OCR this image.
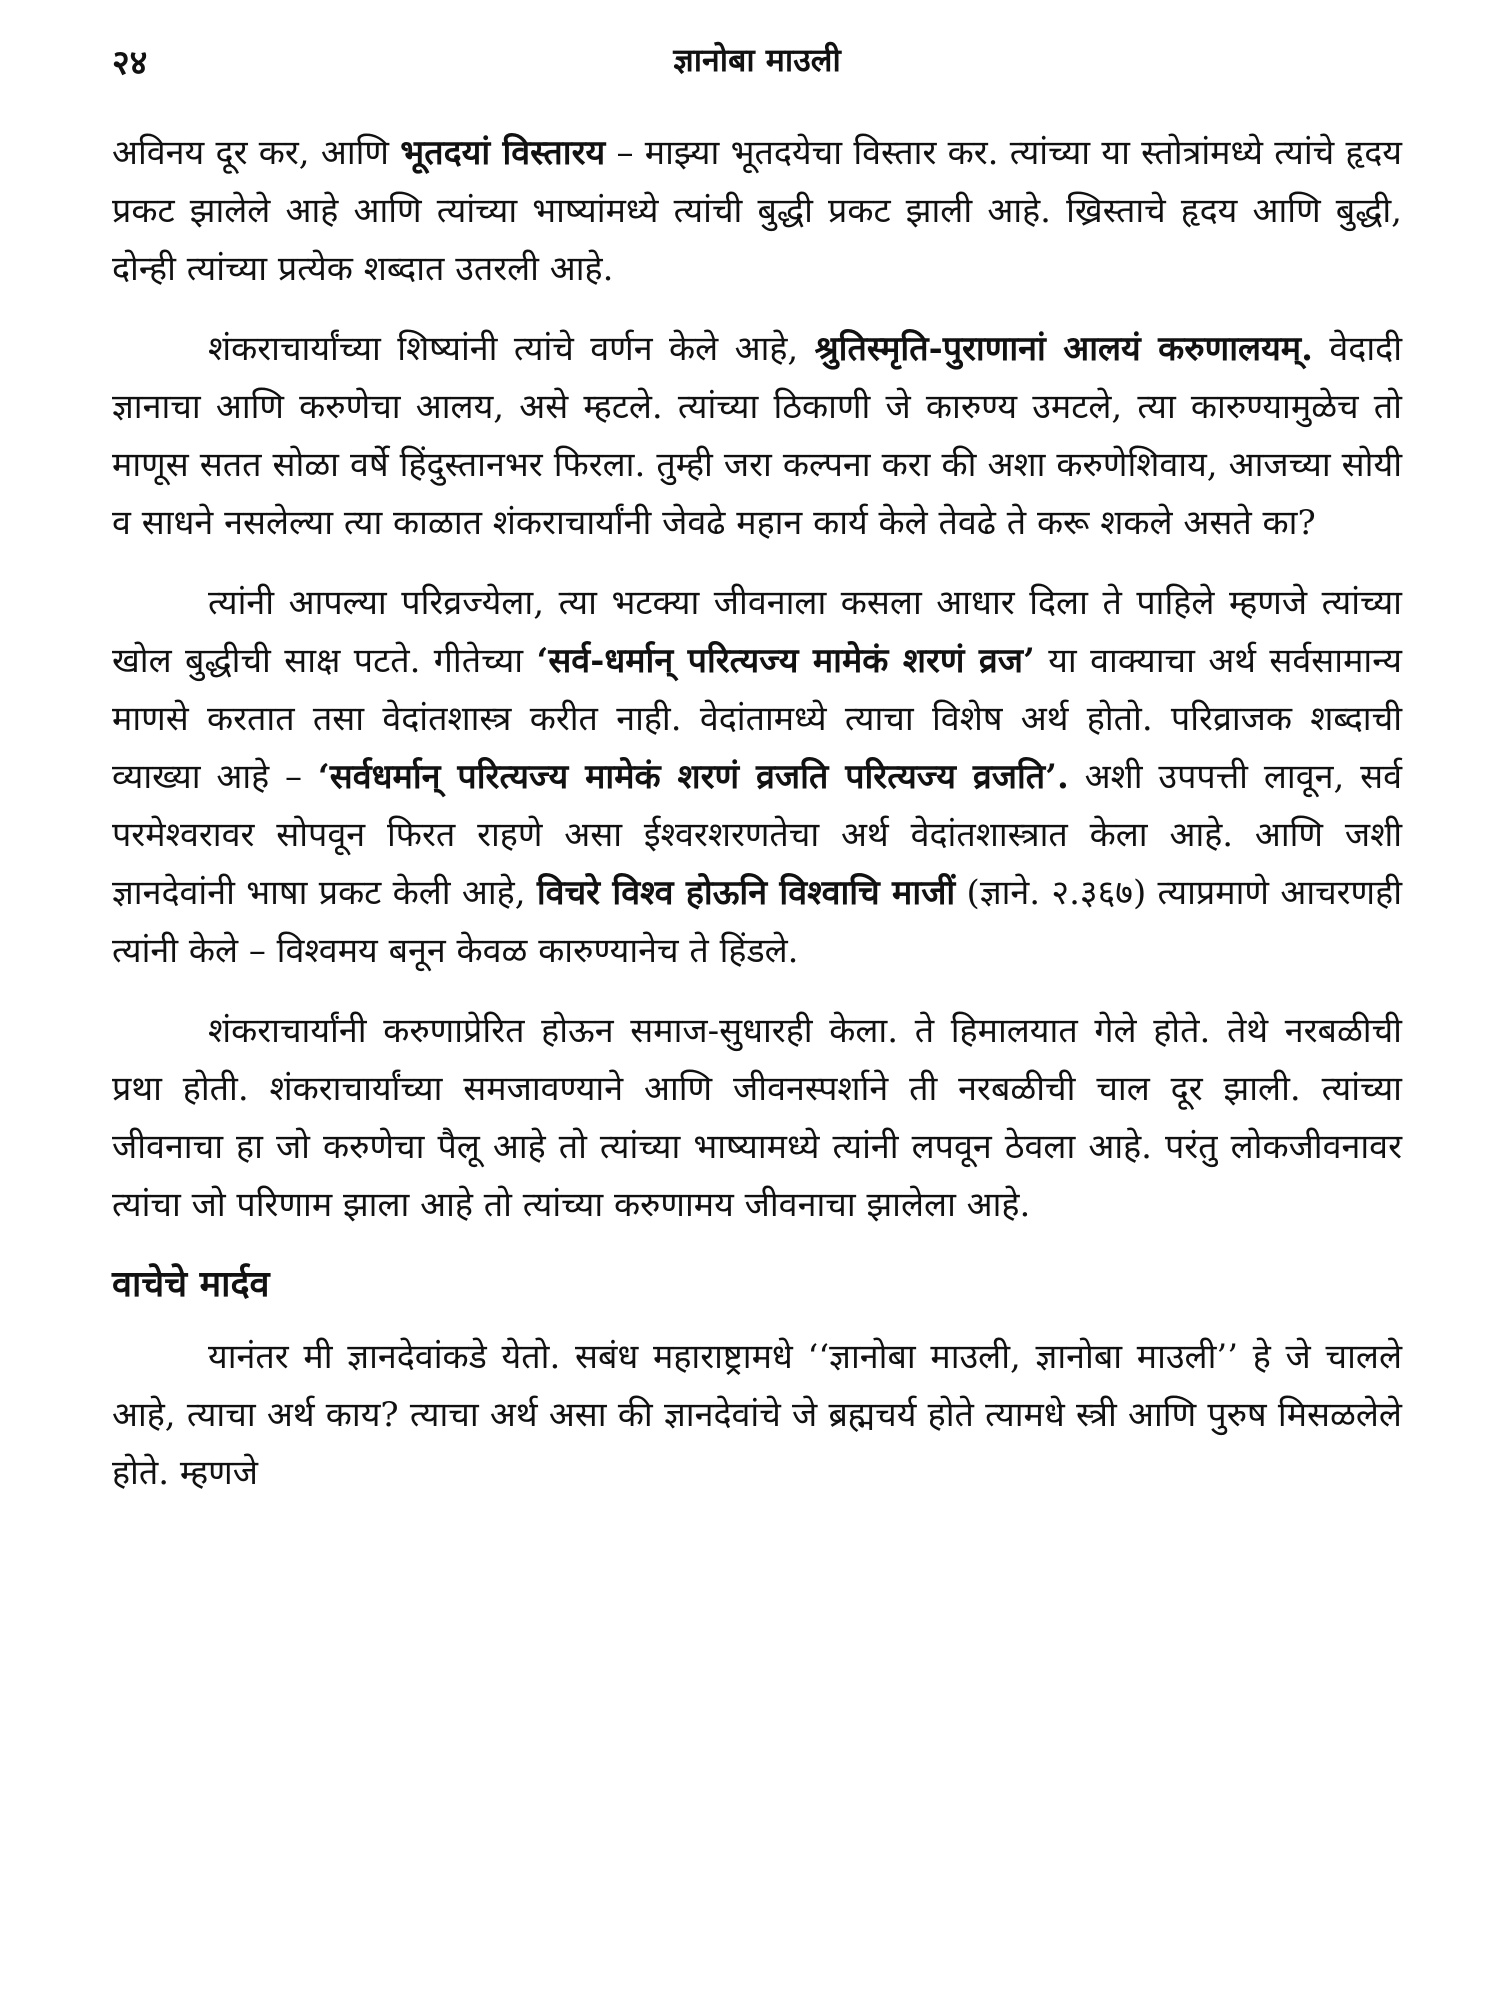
२४	ज्ञानोबा माउली

अविनय दूर कर, आणि भूतदयां विस्तारय – माझ्या भूतदयेचा विस्तार कर. त्यांच्या या स्तोत्रांमध्ये त्यांचे हृदय प्रकट झालेले आहे आणि त्यांच्या भाष्यांमध्ये त्यांची बुद्धी प्रकट झाली आहे. ख्रिस्ताचे हृदय आणि बुद्धी, दोन्ही त्यांच्या प्रत्येक शब्दात उतरली आहे.

शंकराचार्यांच्या शिष्यांनी त्यांचे वर्णन केले आहे, श्रुतिस्मृति-पुराणानां आलयं करुणालयम्. वेदादी ज्ञानाचा आणि करुणेचा आलय, असे म्हटले. त्यांच्या ठिकाणी जे कारुण्य उमटले, त्या कारुण्यामुळेच तो माणूस सतत सोळा वर्षे हिंदुस्तानभर फिरला. तुम्ही जरा कल्पना करा की अशा करुणेशिवाय, आजच्या सोयी व साधने नसलेल्या त्या काळात शंकराचार्यांनी जेवढे महान कार्य केले तेवढे ते करू शकले असते का?

त्यांनी आपल्या परिव्रज्येला, त्या भटक्या जीवनाला कसला आधार दिला ते पाहिले म्हणजे त्यांच्या खोल बुद्धीची साक्ष पटते. गीतेच्या ‘सर्व-धर्मान् परित्यज्य मामेकं शरणं व्रज’ या वाक्याचा अर्थ सर्वसामान्य माणसे करतात तसा वेदांतशास्त्र करीत नाही. वेदांतामध्ये त्याचा विशेष अर्थ होतो. परिव्राजक शब्दाची व्याख्या आहे – ‘सर्वधर्मान् परित्यज्य मामेकं शरणं व्रजति परित्यज्य व्रजति’. अशी उपपत्ती लावून, सर्व परमेश्वरावर सोपवून फिरत राहणे असा ईश्वरशरणतेचा अर्थ वेदांतशास्त्रात केला आहे. आणि जशी ज्ञानदेवांनी भाषा प्रकट केली आहे, विचरे विश्व होऊनि विश्वाचि माजीं (ज्ञाने. २.३६७) त्याप्रमाणे आचरणही त्यांनी केले – विश्वमय बनून केवळ कारुण्यानेच ते हिंडले.

शंकराचार्यांनी करुणाप्रेरित होऊन समाज-सुधारही केला. ते हिमालयात गेले होते. तेथे नरबळीची प्रथा होती. शंकराचार्यांच्या समजावण्याने आणि जीवनस्पर्शाने ती नरबळीची चाल दूर झाली. त्यांच्या जीवनाचा हा जो करुणेचा पैलू आहे तो त्यांच्या भाष्यामध्ये त्यांनी लपवून ठेवला आहे. परंतु लोकजीवनावर त्यांचा जो परिणाम झाला आहे तो त्यांच्या करुणामय जीवनाचा झालेला आहे.

वाचेचे मार्दव

यानंतर मी ज्ञानदेवांकडे येतो. सबंध महाराष्ट्रामधे ‘‘ज्ञानोबा माउली, ज्ञानोबा माउली’’ हे जे चालले आहे, त्याचा अर्थ काय? त्याचा अर्थ असा की ज्ञानदेवांचे जे ब्रह्मचर्य होते त्यामधे स्त्री आणि पुरुष मिसळलेले होते. म्हणजे
